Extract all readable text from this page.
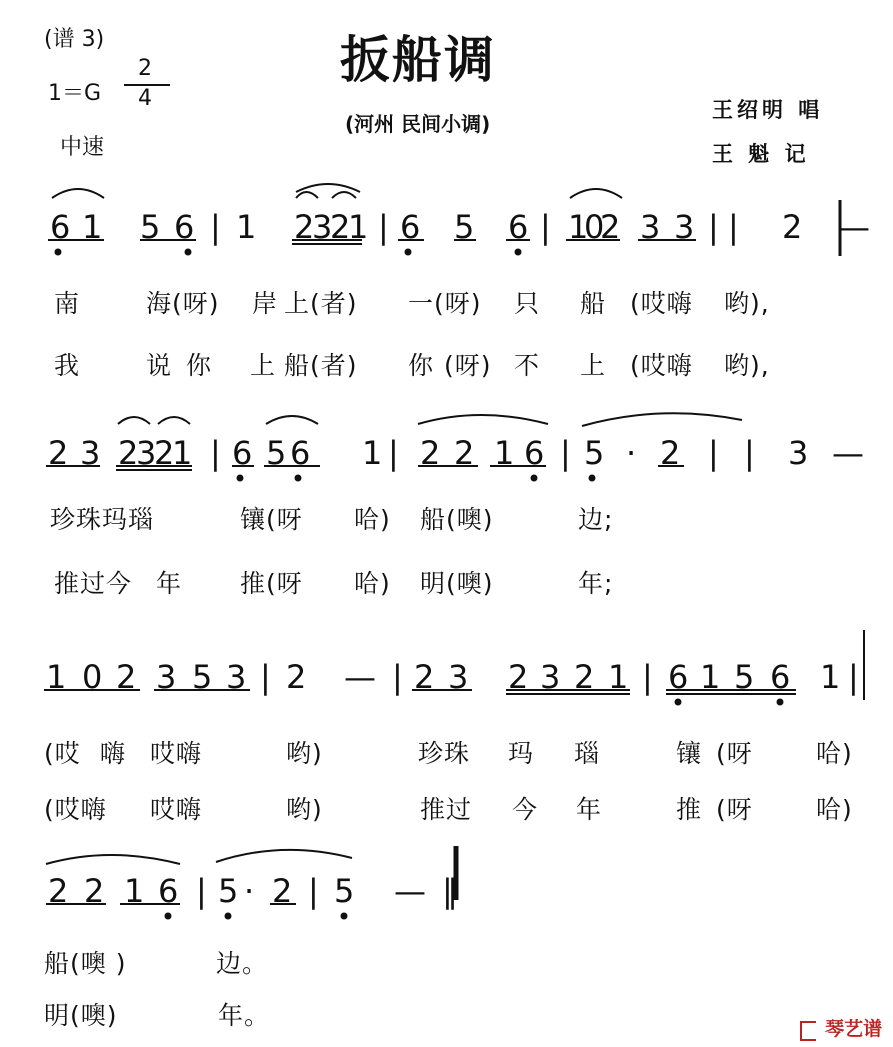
(谱 3)
1＝G
2
4
中速
扳船调
(河州 民间小调)
王绍明 唱
王 魁 记
6 1 5 6 | 1 2
3
2
1 | 6 5 6 | 1
0
2 3 3 | | 2 —
南	海(呀) 岸 上(者) 一(呀) 只 船 (哎嗨 哟),
我	说 你 上 船(者) 你 (呀) 不 上 (哎嗨 哟),
2 3 2
3
2
1 | 6 5 6 1 | 2 2 1 6 | 5 · 2 | | 3 —
珍珠玛瑙	镶(呀 哈) 船(噢)	边;
推过今 年 推(呀 哈) 明(噢)	年;
1 0 2 3 5 3 | 2 — | 2 3 2 3 2 1 | 6 1 5 6 1 |
(哎 嗨 哎嗨	哟)	珍珠 玛 瑙	镶 (呀	哈)
(哎嗨 哎嗨	哟)	推过 今 年	推 (呀	哈)
2 2 1 6 | 5 · 2 | 5 — ‖
船(噢 )	边。
明(噢)	年。	琴艺谱
